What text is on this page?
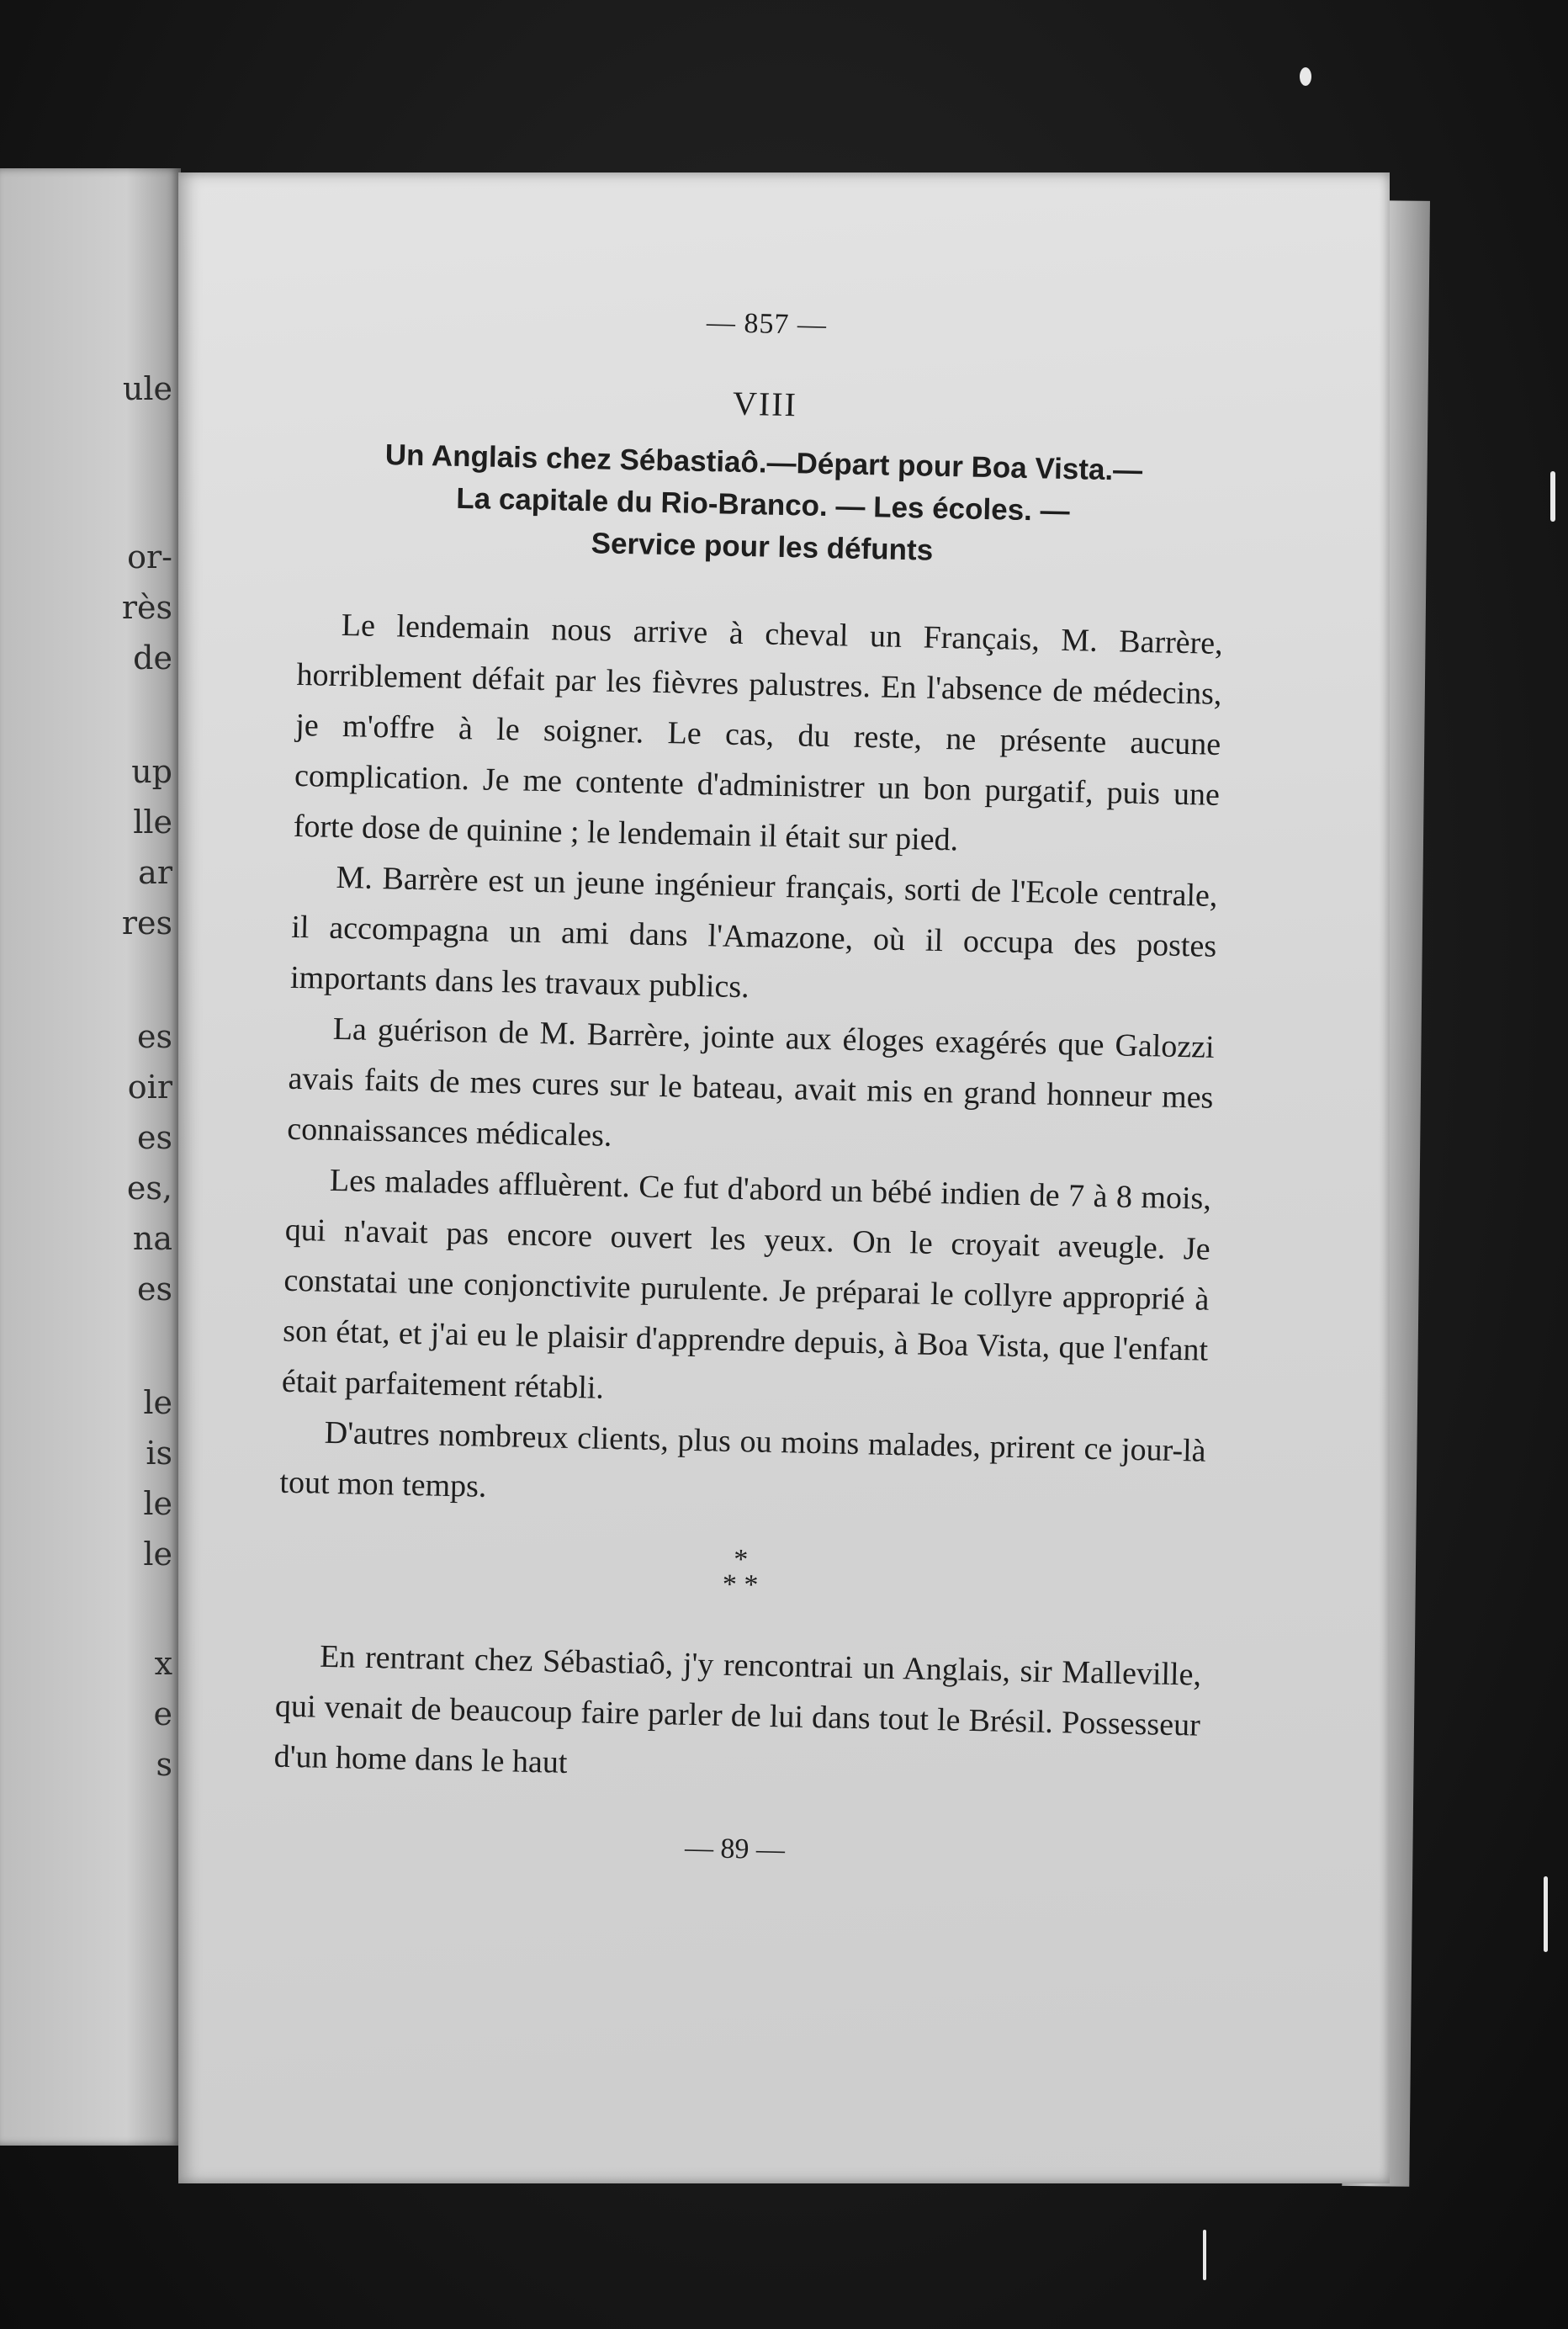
ule
or-
rès
de
up
lle
ar
res
es
oir
es
es,
na
es
le
is
le
le
x
e
s
— 857 —
VIII
Un Anglais chez Sébastiaô.—Départ pour Boa Vista.—
La capitale du Rio-Branco. — Les écoles. —
Service pour les défunts

Le lendemain nous arrive à cheval un Français, M. Barrère, horriblement défait par les fièvres palustres. En l'absence de médecins, je m'offre à le soigner. Le cas, du reste, ne présente aucune complication. Je me contente d'administrer un bon purgatif, puis une forte dose de quinine ; le lendemain il était sur pied.

M. Barrère est un jeune ingénieur français, sorti de l'Ecole centrale, il accompagna un ami dans l'Amazone, où il occupa des postes importants dans les travaux publics.

La guérison de M. Barrère, jointe aux éloges exagérés que Galozzi avais faits de mes cures sur le bateau, avait mis en grand honneur mes connaissances médicales.

Les malades affluèrent. Ce fut d'abord un bébé indien de 7 à 8 mois, qui n'avait pas encore ouvert les yeux. On le croyait aveugle. Je constatai une conjonctivite purulente. Je préparai le collyre approprié à son état, et j'ai eu le plaisir d'apprendre depuis, à Boa Vista, que l'enfant était parfaitement rétabli.

D'autres nombreux clients, plus ou moins malades, prirent ce jour-là tout mon temps.

*
* *

En rentrant chez Sébastiaô, j'y rencontrai un Anglais, sir Malleville, qui venait de beaucoup faire parler de lui dans tout le Brésil. Possesseur d'un home dans le haut

— 89 —
